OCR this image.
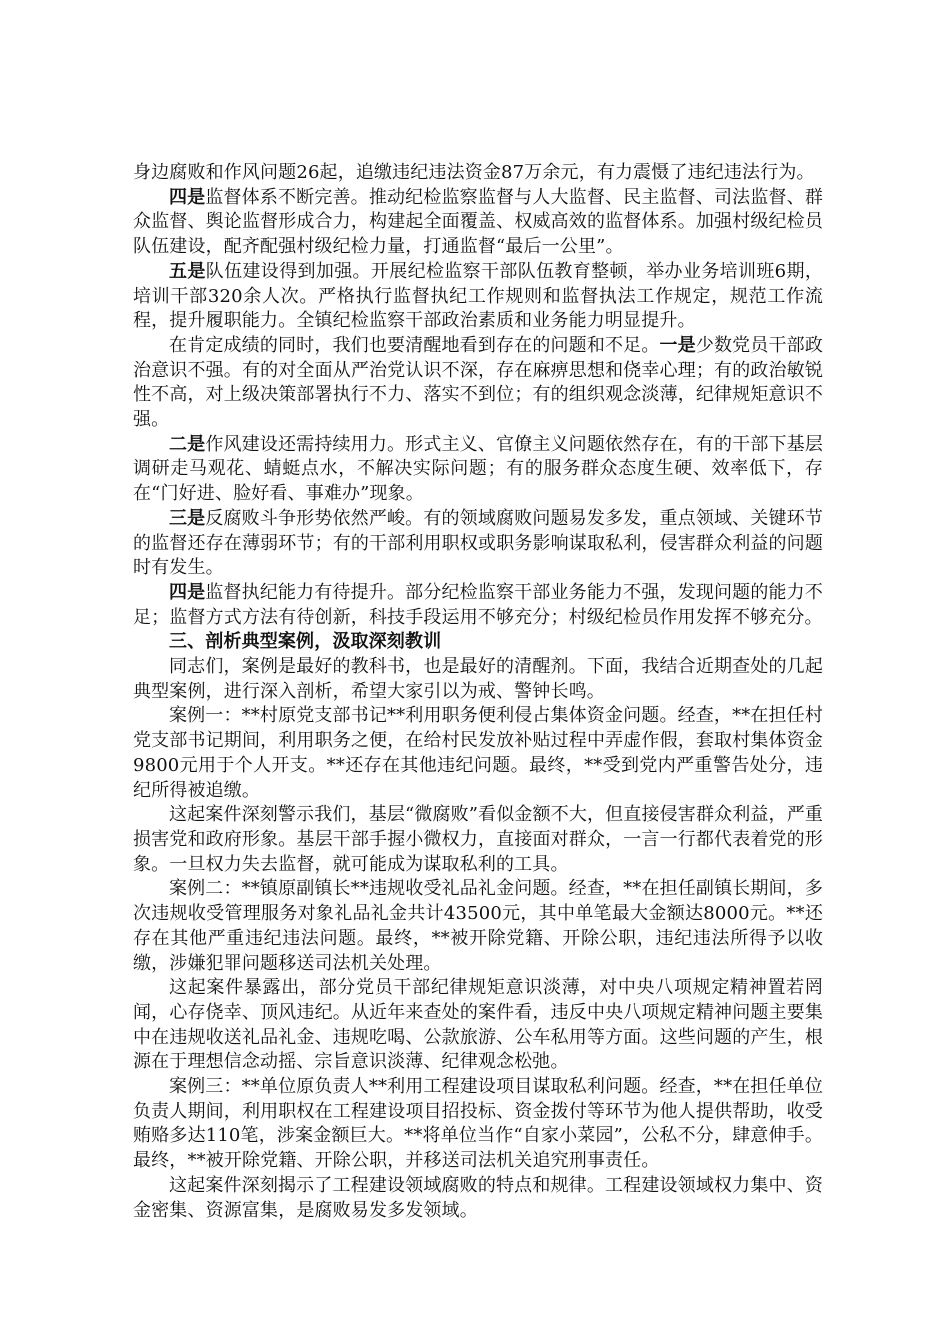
身边腐败和作风问题26起，追缴违纪违法资金87万余元，有力震慑了违纪违法行为。

四是监督体系不断完善。推动纪检监察监督与人大监督、民主监督、司法监督、群众监督、舆论监督形成合力，构建起全面覆盖、权威高效的监督体系。加强村级纪检员队伍建设，配齐配强村级纪检力量，打通监督“最后一公里”。

五是队伍建设得到加强。开展纪检监察干部队伍教育整顿，举办业务培训班6期，培训干部320余人次。严格执行监督执纪工作规则和监督执法工作规定，规范工作流程，提升履职能力。全镇纪检监察干部政治素质和业务能力明显提升。

在肯定成绩的同时，我们也要清醒地看到存在的问题和不足。一是少数党员干部政治意识不强。有的对全面从严治党认识不深，存在麻痹思想和侥幸心理；有的政治敏锐性不高，对上级决策部署执行不力、落实不到位；有的组织观念淡薄，纪律规矩意识不强。

二是作风建设还需持续用力。形式主义、官僚主义问题依然存在，有的干部下基层调研走马观花、蜻蜓点水，不解决实际问题；有的服务群众态度生硬、效率低下，存在“门好进、脸好看、事难办”现象。

三是反腐败斗争形势依然严峻。有的领域腐败问题易发多发，重点领域、关键环节的监督还存在薄弱环节；有的干部利用职权或职务影响谋取私利，侵害群众利益的问题时有发生。

四是监督执纪能力有待提升。部分纪检监察干部业务能力不强，发现问题的能力不足；监督方式方法有待创新，科技手段运用不够充分；村级纪检员作用发挥不够充分。

三、剖析典型案例，汲取深刻教训

同志们，案例是最好的教科书，也是最好的清醒剂。下面，我结合近期查处的几起典型案例，进行深入剖析，希望大家引以为戒、警钟长鸣。

案例一：**村原党支部书记**利用职务便利侵占集体资金问题。经查，**在担任村党支部书记期间，利用职务之便，在给村民发放补贴过程中弄虚作假，套取村集体资金9800元用于个人开支。**还存在其他违纪问题。最终，**受到党内严重警告处分，违纪所得被追缴。

这起案件深刻警示我们，基层“微腐败”看似金额不大，但直接侵害群众利益，严重损害党和政府形象。基层干部手握小微权力，直接面对群众，一言一行都代表着党的形象。一旦权力失去监督，就可能成为谋取私利的工具。

案例二：**镇原副镇长**违规收受礼品礼金问题。经查，**在担任副镇长期间，多次违规收受管理服务对象礼品礼金共计43500元，其中单笔最大金额达8000元。**还存在其他严重违纪违法问题。最终，**被开除党籍、开除公职，违纪违法所得予以收缴，涉嫌犯罪问题移送司法机关处理。

这起案件暴露出，部分党员干部纪律规矩意识淡薄，对中央八项规定精神置若罔闻，心存侥幸、顶风违纪。从近年来查处的案件看，违反中央八项规定精神问题主要集中在违规收送礼品礼金、违规吃喝、公款旅游、公车私用等方面。这些问题的产生，根源在于理想信念动摇、宗旨意识淡薄、纪律观念松弛。

案例三：**单位原负责人**利用工程建设项目谋取私利问题。经查，**在担任单位负责人期间，利用职权在工程建设项目招投标、资金拨付等环节为他人提供帮助，收受贿赂多达110笔，涉案金额巨大。**将单位当作“自家小菜园”，公私不分，肆意伸手。最终，**被开除党籍、开除公职，并移送司法机关追究刑事责任。

这起案件深刻揭示了工程建设领域腐败的特点和规律。工程建设领域权力集中、资金密集、资源富集，是腐败易发多发领域。
